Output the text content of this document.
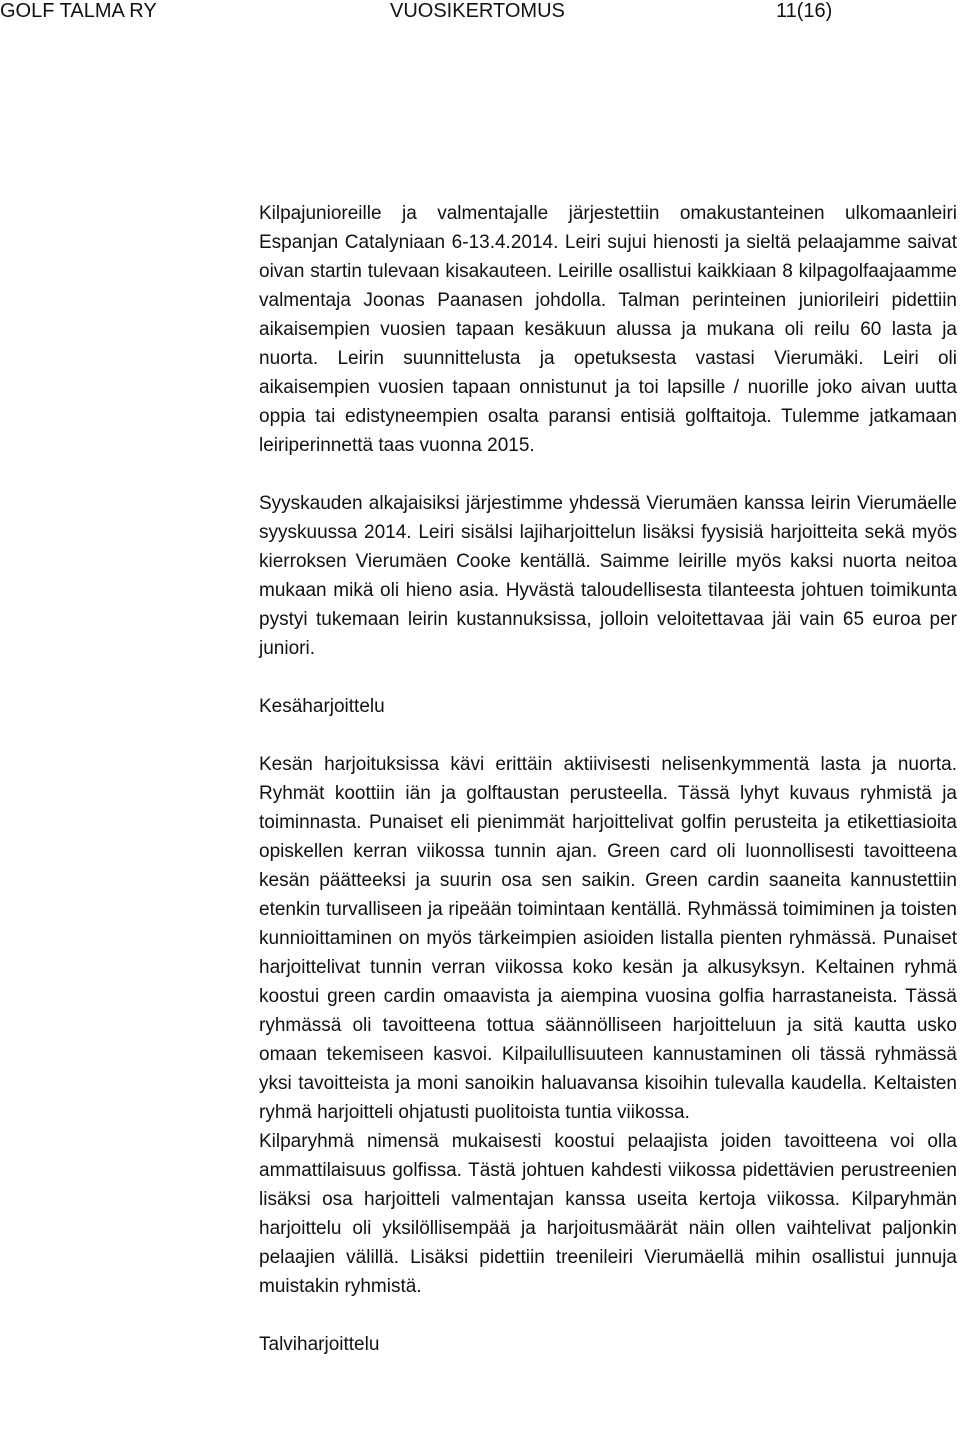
GOLF TALMA RY	VUOSIKERTOMUS	11(16)

Kilpajunioreille ja valmentajalle järjestettiin omakustanteinen ulkomaanleiri Espanjan Catalyniaan 6-13.4.2014. Leiri sujui hienosti ja sieltä pelaajamme saivat oivan startin tulevaan kisakauteen. Leirille osallistui kaikkiaan 8 kilpagolfaajaamme valmentaja Joonas Paanasen johdolla. Talman perinteinen juniorileiri pidettiin aikaisempien vuosien tapaan kesäkuun alussa ja mukana oli reilu 60 lasta ja nuorta. Leirin suunnittelusta ja opetuksesta vastasi Vierumäki. Leiri oli aikaisempien vuosien tapaan onnistunut ja toi lapsille / nuorille joko aivan uutta oppia tai edistyneempien osalta paransi entisiä golftaitoja. Tulemme jatkamaan leiriperinnettä taas vuonna 2015.

Syyskauden alkajaisiksi järjestimme yhdessä Vierumäen kanssa leirin Vierumäelle syyskuussa 2014. Leiri sisälsi lajiharjoittelun lisäksi fyysisiä harjoitteita sekä myös kierroksen Vierumäen Cooke kentällä. Saimme leirille myös kaksi nuorta neitoa mukaan mikä oli hieno asia. Hyvästä taloudellisesta tilanteesta johtuen toimikunta pystyi tukemaan leirin kustannuksissa, jolloin veloitettavaa jäi vain 65 euroa per juniori.

Kesäharjoittelu

Kesän harjoituksissa kävi erittäin aktiivisesti nelisenkymmentä lasta ja nuorta. Ryhmät koottiin iän ja golftaustan perusteella. Tässä lyhyt kuvaus ryhmistä ja toiminnasta. Punaiset eli pienimmät harjoittelivat golfin perusteita ja etikettiasioita opiskellen kerran viikossa tunnin ajan. Green card oli luonnollisesti tavoitteena kesän päätteeksi ja suurin osa sen saikin. Green cardin saaneita kannustettiin etenkin turvalliseen ja ripeään toimintaan kentällä. Ryhmässä toimiminen ja toisten kunnioittaminen on myös tärkeimpien asioiden listalla pienten ryhmässä. Punaiset harjoittelivat tunnin verran viikossa koko kesän ja alkusyksyn. Keltainen ryhmä koostui green cardin omaavista ja aiempina vuosina golfia harrastaneista. Tässä ryhmässä oli tavoitteena tottua säännölliseen harjoitteluun ja sitä kautta usko omaan tekemiseen kasvoi. Kilpailullisuuteen kannustaminen oli tässä ryhmässä yksi tavoitteista ja moni sanoikin haluavansa kisoihin tulevalla kaudella. Keltaisten ryhmä harjoitteli ohjatusti puolitoista tuntia viikossa.

Kilparyhmä nimensä mukaisesti koostui pelaajista joiden tavoitteena voi olla ammattilaisuus golfissa. Tästä johtuen kahdesti viikossa pidettävien perustreenien lisäksi osa harjoitteli valmentajan kanssa useita kertoja viikossa. Kilparyhmän harjoittelu oli yksilöllisempää ja harjoitusmäärät näin ollen vaihtelivat paljonkin pelaajien välillä. Lisäksi pidettiin treenileiri Vierumäellä mihin osallistui junnuja muistakin ryhmistä.

Talviharjoittelu
